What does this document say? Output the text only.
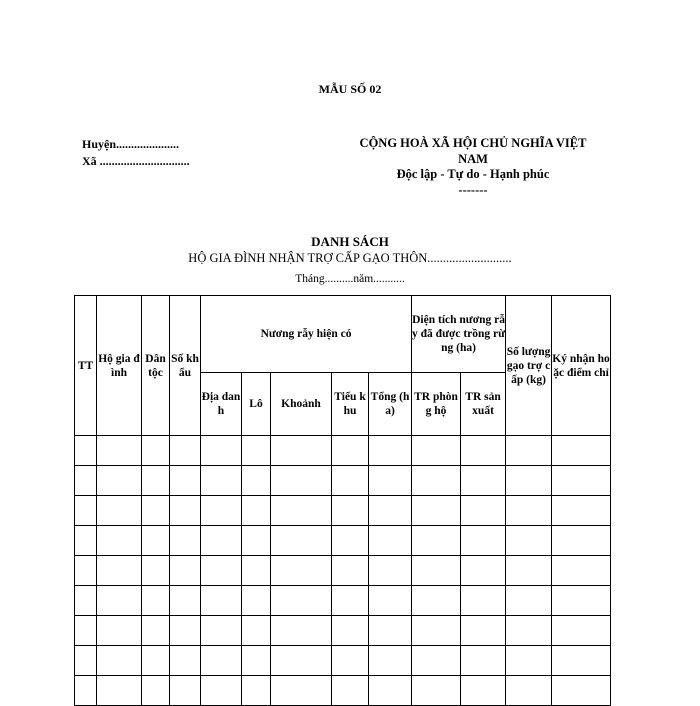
MẪU SỐ 02
Huyện.....................
Xã ..............................
CỘNG HOÀ XÃ HỘI CHỦ NGHĨA VIỆT NAM
Độc lập - Tự do - Hạnh phúc
-------
DANH SÁCH
HỘ GIA ĐÌNH NHẬN TRỢ CẤP GẠO THÔN...........................
Tháng..........năm...........
TT	Hộ gia đình	Dân tộc	Số khẩu	Nương rẫy hiện có					Diện tích nương rẫy đã được trồng rừng (ha)		Số lượng gạo trợ cấp (kg)	Ký nhận hoặc điểm chỉ
				Địa danh	Lô	Khoảnh	Tiểu khu	Tổng (ha)	TR phòng hộ	TR sản xuất		
